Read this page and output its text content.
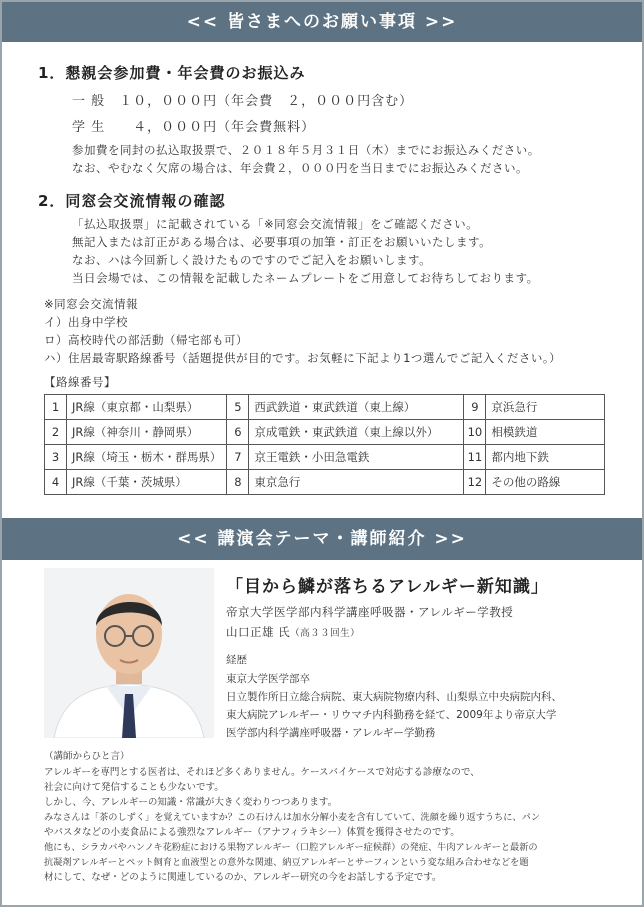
<< 皆さまへのお願い事項 >>
1．懇親会参加費・年会費のお振込み
一 般　１０，０００円（年会費　２，０００円含む）
学 生　　４，０００円（年会費無料）
参加費を同封の払込取扱票で、２０１８年５月３１日（木）までにお振込みください。
なお、やむなく欠席の場合は、年会費２，０００円を当日までにお振込みください。
2．同窓会交流情報の確認
「払込取扱票」に記載されている「※同窓会交流情報」をご確認ください。
無記入または訂正がある場合は、必要事項の加筆・訂正をお願いいたします。
なお、ハは今回新しく設けたものですのでご記入をお願いします。
当日会場では、この情報を記載したネームプレートをご用意してお待ちしております。
※同窓会交流情報
イ）出身中学校
ロ）高校時代の部活動（帰宅部も可）
ハ）住居最寄駅路線番号（話題提供が目的です。お気軽に下記より1つ選んでご記入ください。）
【路線番号】
1	JR線（東京都・山梨県）	5	西武鉄道・東武鉄道（東上線）	9	京浜急行
2	JR線（神奈川・静岡県）	6	京成電鉄・東武鉄道（東上線以外）	10	相模鉄道
3	JR線（埼玉・栃木・群馬県）	7	京王電鉄・小田急電鉄	11	都内地下鉄
4	JR線（千葉・茨城県）	8	東京急行	12	その他の路線
<< 講演会テーマ・講師紹介 >>
「目から鱗が落ちるアレルギー新知識」
帝京大学医学部内科学講座呼吸器・アレルギー学教授
山口正雄 氏（高３３回生）
経歴
東京大学医学部卒
日立製作所日立総合病院、東大病院物療内科、山梨県立中央病院内科、
東大病院アレルギー・リウマチ内科勤務を経て、2009年より帝京大学
医学部内科学講座呼吸器・アレルギー学勤務
（講師からひと言）
アレルギーを専門とする医者は、それほど多くありません。ケースバイケースで対応する診療なので、
社会に向けて発信することも少ないです。
しかし、今、アレルギーの知識・常識が大きく変わりつつあります。
みなさんは「茶のしずく」を覚えていますか？この石けんは加水分解小麦を含有していて、洗顔を繰り返すうちに、パン
やパスタなどの小麦食品による強烈なアレルギー（アナフィラキシー）体質を獲得させたのです。
他にも、シラカバやハンノキ花粉症における果物アレルギー（口腔アレルギー症候群）の発症、牛肉アレルギーと最新の
抗凝剤アレルギーとペット飼育と血液型との意外な関連、納豆アレルギーとサーフィンという変な組み合わせなどを題
材にして、なぜ・どのように関連しているのか、アレルギー研究の今をお話しする予定です。
